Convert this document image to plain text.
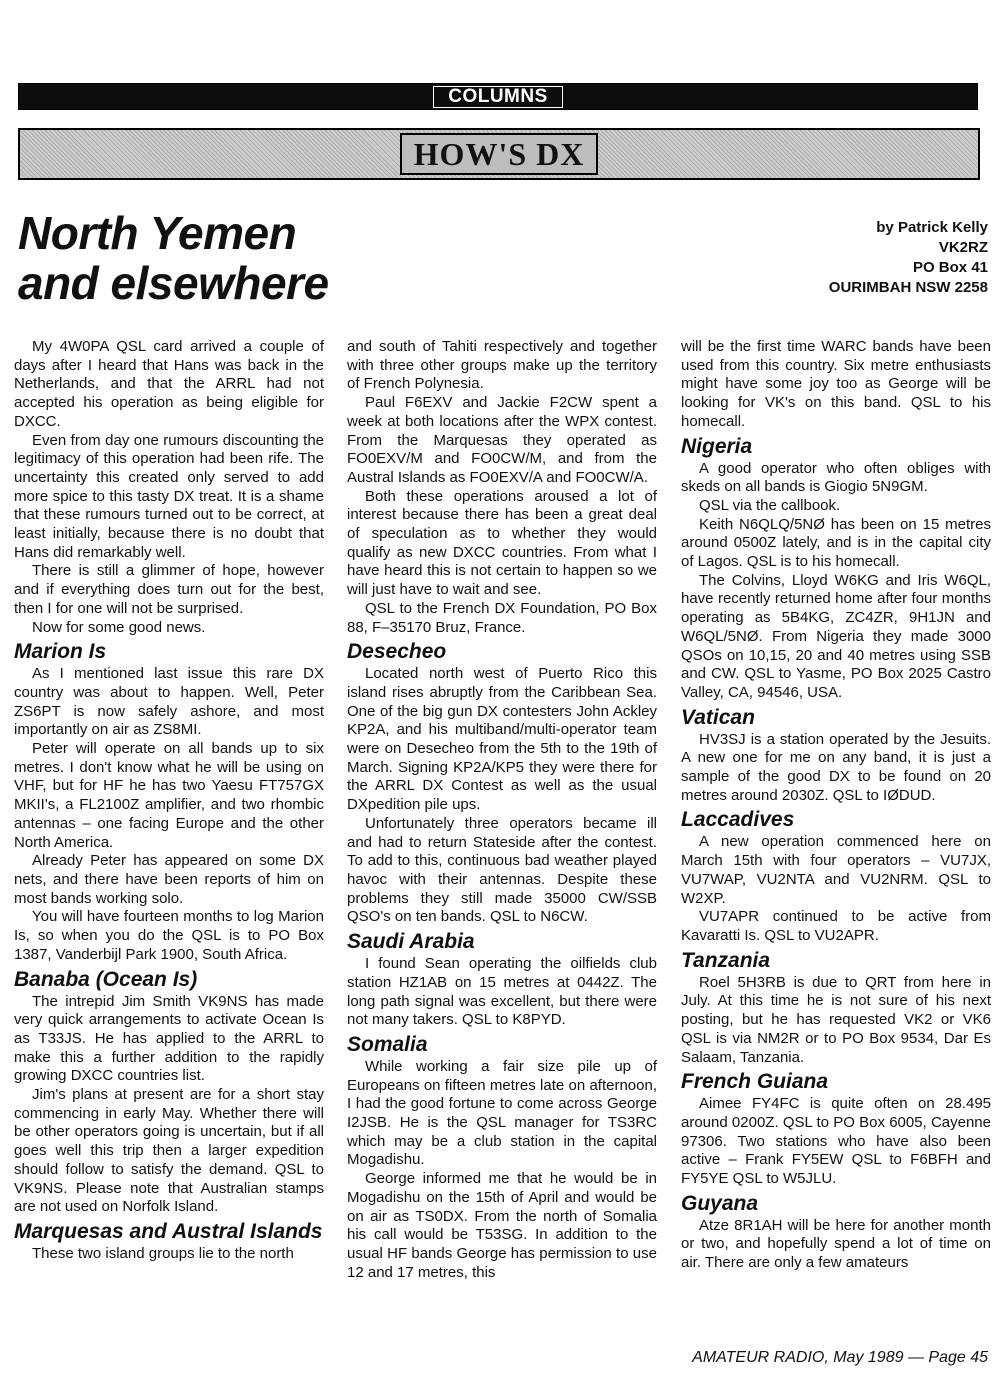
COLUMNS
HOW'S DX
North Yemen
and elsewhere
by Patrick Kelly
VK2RZ
PO Box 41
OURIMBAH NSW 2258

My 4W0PA QSL card arrived a couple of days after I heard that Hans was back in the Netherlands, and that the ARRL had not accepted his operation as being eligible for DXCC.

Even from day one rumours discounting the legitimacy of this operation had been rife. The uncertainty this created only served to add more spice to this tasty DX treat. It is a shame that these rumours turned out to be correct, at least initially, because there is no doubt that Hans did remarkably well.

There is still a glimmer of hope, however and if everything does turn out for the best, then I for one will not be surprised.

Now for some good news.

Marion Is

As I mentioned last issue this rare DX country was about to happen. Well, Peter ZS6PT is now safely ashore, and most importantly on air as ZS8MI.

Peter will operate on all bands up to six metres. I don't know what he will be using on VHF, but for HF he has two Yaesu FT757GX MKII's, a FL2100Z amplifier, and two rhombic antennas – one facing Europe and the other North America.

Already Peter has appeared on some DX nets, and there have been reports of him on most bands working solo.

You will have fourteen months to log Marion Is, so when you do the QSL is to PO Box 1387, Vanderbijl Park 1900, South Africa.

Banaba (Ocean Is)

The intrepid Jim Smith VK9NS has made very quick arrangements to activate Ocean Is as T33JS. He has applied to the ARRL to make this a further addition to the rapidly growing DXCC countries list.

Jim's plans at present are for a short stay commencing in early May. Whether there will be other operators going is uncertain, but if all goes well this trip then a larger expedition should follow to satisfy the demand. QSL to VK9NS. Please note that Australian stamps are not used on Norfolk Island.

Marquesas and Austral Islands

These two island groups lie to the north

and south of Tahiti respectively and together with three other groups make up the territory of French Polynesia.

Paul F6EXV and Jackie F2CW spent a week at both locations after the WPX contest. From the Marquesas they operated as FO0EXV/M and FO0CW/M, and from the Austral Islands as FO0EXV/A and FO0CW/A.

Both these operations aroused a lot of interest because there has been a great deal of speculation as to whether they would qualify as new DXCC countries. From what I have heard this is not certain to happen so we will just have to wait and see.

QSL to the French DX Foundation, PO Box 88, F–35170 Bruz, France.

Desecheo

Located north west of Puerto Rico this island rises abruptly from the Caribbean Sea. One of the big gun DX contesters John Ackley KP2A, and his multiband/multi-operator team were on Desecheo from the 5th to the 19th of March. Signing KP2A/KP5 they were there for the ARRL DX Contest as well as the usual DXpedition pile ups.

Unfortunately three operators became ill and had to return Stateside after the contest. To add to this, continuous bad weather played havoc with their antennas. Despite these problems they still made 35000 CW/SSB QSO's on ten bands. QSL to N6CW.

Saudi Arabia

I found Sean operating the oilfields club station HZ1AB on 15 metres at 0442Z. The long path signal was excellent, but there were not many takers. QSL to K8PYD.

Somalia

While working a fair size pile up of Europeans on fifteen metres late on afternoon, I had the good fortune to come across George I2JSB. He is the QSL manager for TS3RC which may be a club station in the capital Mogadishu.

George informed me that he would be in Mogadishu on the 15th of April and would be on air as TS0DX. From the north of Somalia his call would be T53SG. In addition to the usual HF bands George has permission to use 12 and 17 metres, this

will be the first time WARC bands have been used from this country. Six metre enthusiasts might have some joy too as George will be looking for VK's on this band. QSL to his homecall.

Nigeria

A good operator who often obliges with skeds on all bands is Giogio 5N9GM.

QSL via the callbook.

Keith N6QLQ/5NØ has been on 15 metres around 0500Z lately, and is in the capital city of Lagos. QSL is to his homecall.

The Colvins, Lloyd W6KG and Iris W6QL, have recently returned home after four months operating as 5B4KG, ZC4ZR, 9H1JN and W6QL/5NØ. From Nigeria they made 3000 QSOs on 10,15, 20 and 40 metres using SSB and CW. QSL to Yasme, PO Box 2025 Castro Valley, CA, 94546, USA.

Vatican

HV3SJ is a station operated by the Jesuits. A new one for me on any band, it is just a sample of the good DX to be found on 20 metres around 2030Z. QSL to IØDUD.

Laccadives

A new operation commenced here on March 15th with four operators – VU7JX, VU7WAP, VU2NTA and VU2NRM. QSL to W2XP.

VU7APR continued to be active from Kavaratti Is. QSL to VU2APR.

Tanzania

Roel 5H3RB is due to QRT from here in July. At this time he is not sure of his next posting, but he has requested VK2 or VK6 QSL is via NM2R or to PO Box 9534, Dar Es Salaam, Tanzania.

French Guiana

Aimee FY4FC is quite often on 28.495 around 0200Z. QSL to PO Box 6005, Cayenne 97306. Two stations who have also been active – Frank FY5EW QSL to F6BFH and FY5YE QSL to W5JLU.

Guyana

Atze 8R1AH will be here for another month or two, and hopefully spend a lot of time on air. There are only a few amateurs

AMATEUR RADIO, May 1989 — Page 45
